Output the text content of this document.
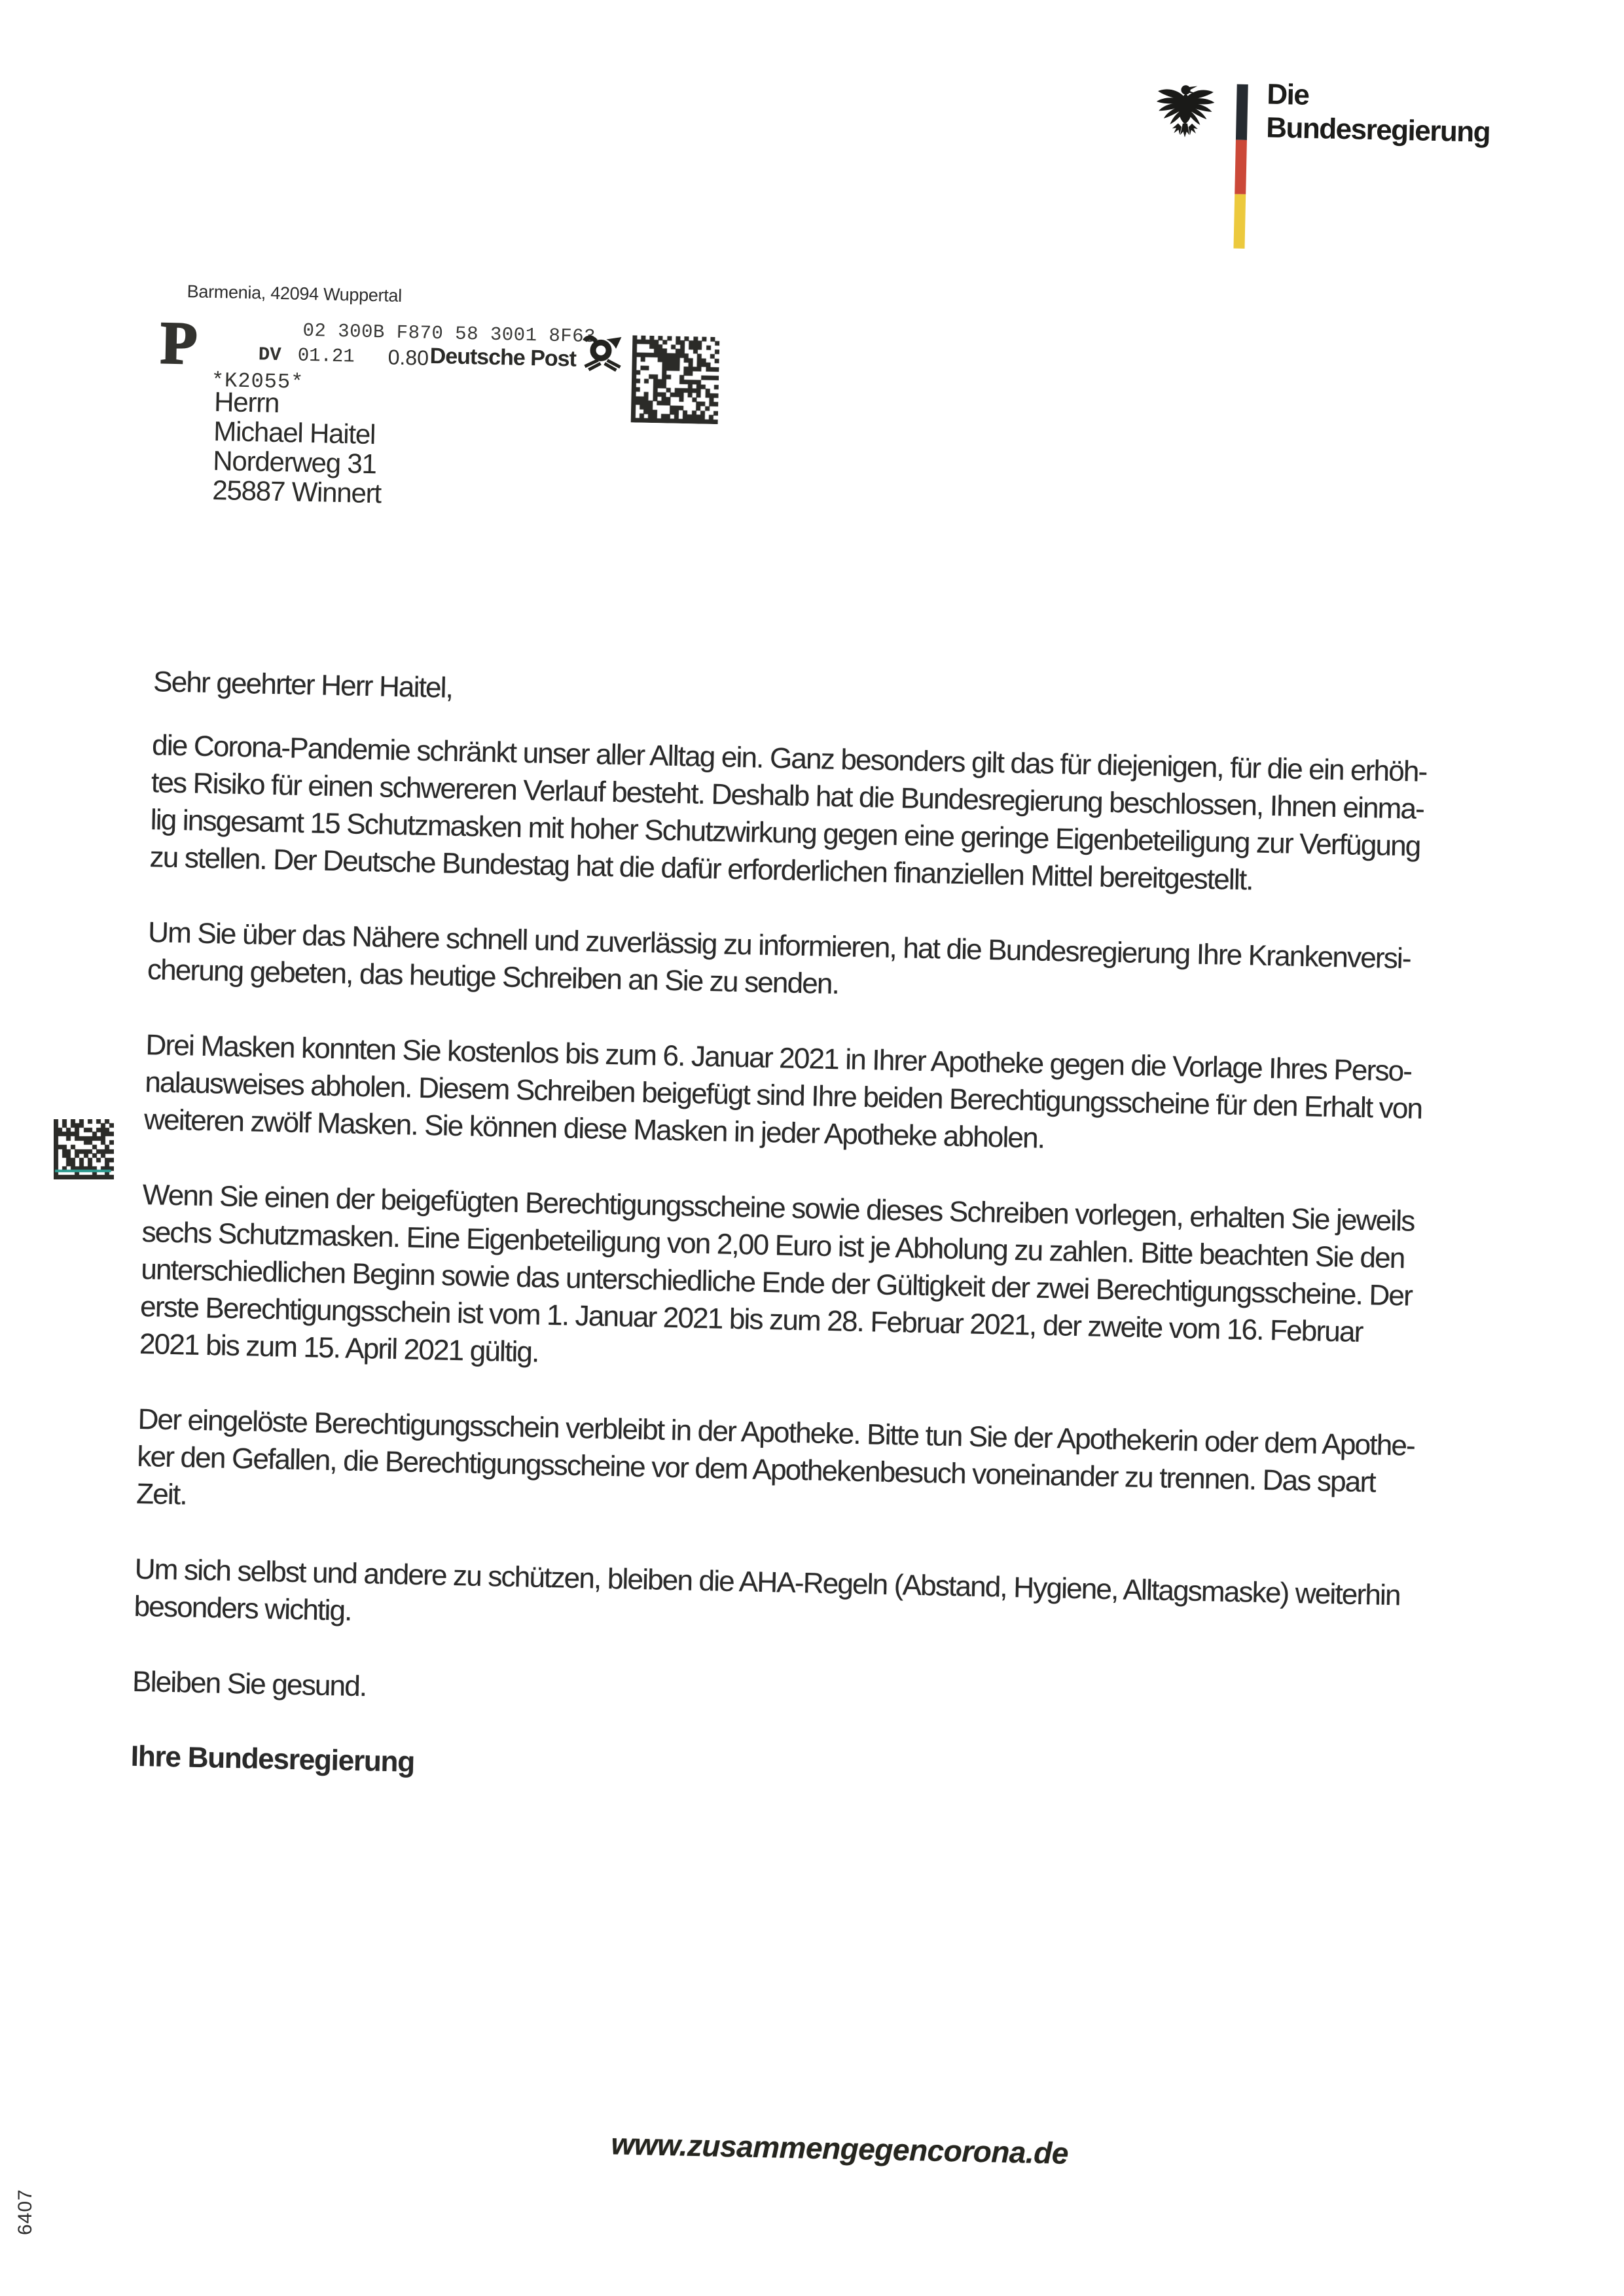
Die
Bundesregierung
Barmenia, 42094 Wuppertal
P	02 300B F870 58 3001 8F63
DV 01.21 0.80 Deutsche Post
*K2055*
Herrn
Michael Haitel
Norderweg 31
25887 Winnert

Sehr geehrter Herr Haitel,

die Corona-Pandemie schränkt unser aller Alltag ein. Ganz besonders gilt das für diejenigen, für die ein erhöh-
tes Risiko für einen schwereren Verlauf besteht. Deshalb hat die Bundesregierung beschlossen, Ihnen einma-
lig insgesamt 15 Schutzmasken mit hoher Schutzwirkung gegen eine geringe Eigenbeteiligung zur Verfügung
zu stellen. Der Deutsche Bundestag hat die dafür erforderlichen finanziellen Mittel bereitgestellt.

Um Sie über das Nähere schnell und zuverlässig zu informieren, hat die Bundesregierung Ihre Krankenversi-
cherung gebeten, das heutige Schreiben an Sie zu senden.

Drei Masken konnten Sie kostenlos bis zum 6. Januar 2021 in Ihrer Apotheke gegen die Vorlage Ihres Perso-
nalausweises abholen. Diesem Schreiben beigefügt sind Ihre beiden Berechtigungsscheine für den Erhalt von
weiteren zwölf Masken. Sie können diese Masken in jeder Apotheke abholen.

Wenn Sie einen der beigefügten Berechtigungsscheine sowie dieses Schreiben vorlegen, erhalten Sie jeweils
sechs Schutzmasken. Eine Eigenbeteiligung von 2,00 Euro ist je Abholung zu zahlen. Bitte beachten Sie den
unterschiedlichen Beginn sowie das unterschiedliche Ende der Gültigkeit der zwei Berechtigungsscheine. Der
erste Berechtigungsschein ist vom 1. Januar 2021 bis zum 28. Februar 2021, der zweite vom 16. Februar
2021 bis zum 15. April 2021 gültig.

Der eingelöste Berechtigungsschein verbleibt in der Apotheke. Bitte tun Sie der Apothekerin oder dem Apothe-
ker den Gefallen, die Berechtigungsscheine vor dem Apothekenbesuch voneinander zu trennen. Das spart
Zeit.

Um sich selbst und andere zu schützen, bleiben die AHA-Regeln (Abstand, Hygiene, Alltagsmaske) weiterhin
besonders wichtig.

Bleiben Sie gesund.

Ihre Bundesregierung

www.zusammengegencorona.de
6407
